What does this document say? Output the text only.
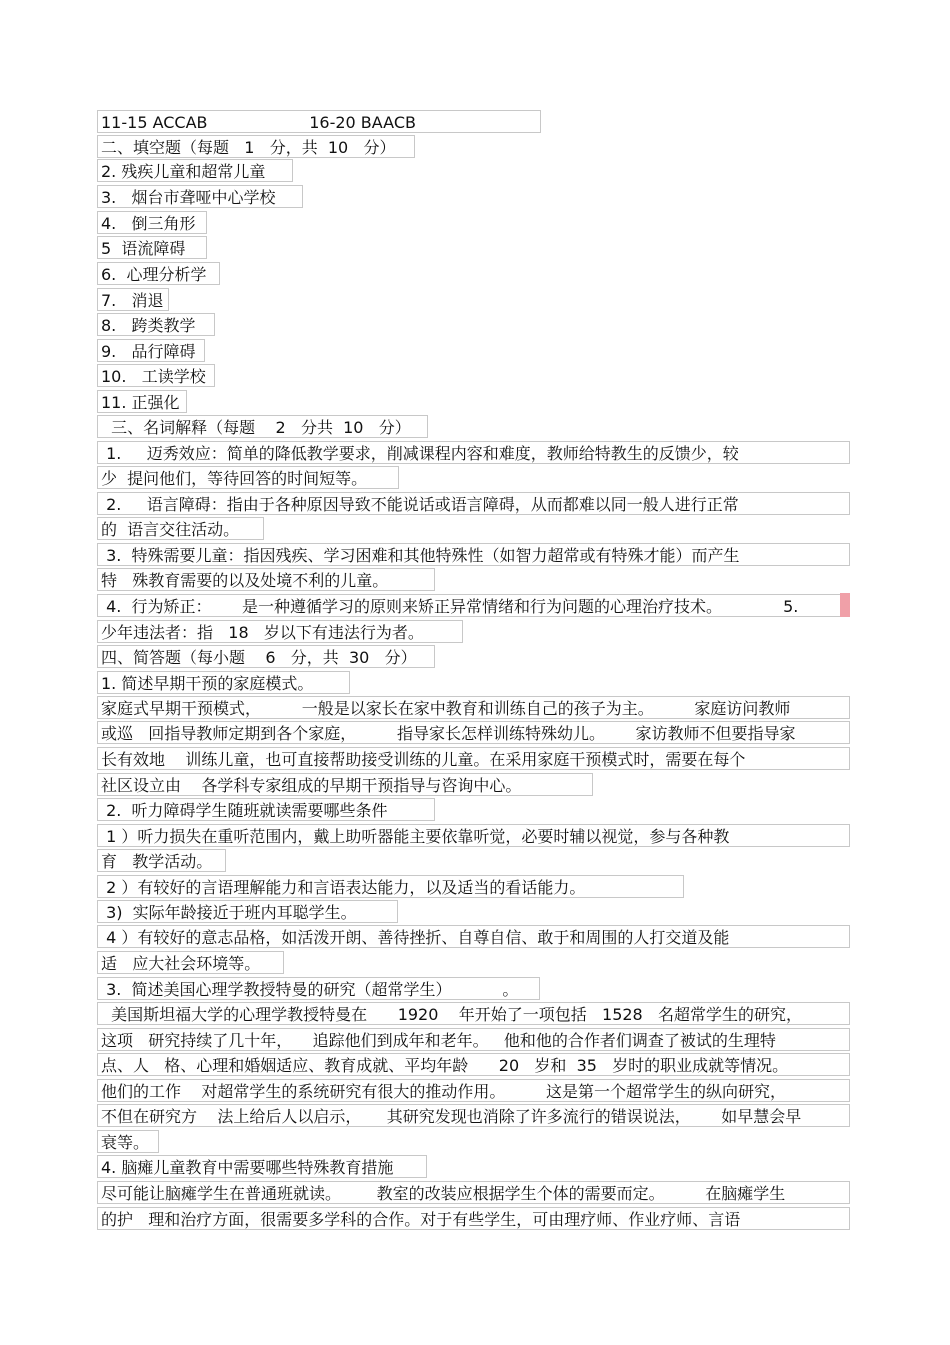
11-15 ACCAB                    16-20 BAACB
二、填空题（每题   1   分，共  10   分）
2. 残疾儿童和超常儿童
3.   烟台市聋哑中心学校
4.   倒三角形
5  语流障碍
6.  心理分析学
7.   消退
8.   跨类教学
9.   品行障碍
10.   工读学校
11. 正强化
三、名词解释（每题    2   分共  10   分）
1.     迈秀效应：简单的降低教学要求，削减课程内容和难度，教师给特教生的反馈少，较
少  提问他们，等待回答的时间短等。
2.     语言障碍：指由于各种原因导致不能说话或语言障碍，从而都难以同一般人进行正常
的  语言交往活动。
3.  特殊需要儿童：指因残疾、学习困难和其他特殊性（如智力超常或有特殊才能）而产生
特   殊教育需要的以及处境不利的儿童。
4.  行为矫正：      是一种遵循学习的原则来矫正异常情绪和行为问题的心理治疗技术。            5.
少年违法者：指   18   岁以下有违法行为者。
四、简答题（每小题    6   分，共  30   分）
1. 简述早期干预的家庭模式。
家庭式早期干预模式，        一般是以家长在家中教育和训练自己的孩子为主。        家庭访问教师
或巡   回指导教师定期到各个家庭，        指导家长怎样训练特殊幼儿。      家访教师不但要指导家
长有效地    训练儿童，也可直接帮助接受训练的儿童。在采用家庭干预模式时，需要在每个
社区设立由    各学科专家组成的早期干预指导与咨询中心。
2.  听力障碍学生随班就读需要哪些条件
1 ）听力损失在重听范围内，戴上助听器能主要依靠听觉，必要时辅以视觉，参与各种教
育   教学活动。
2 ）有较好的言语理解能力和言语表达能力，以及适当的看话能力。
3)  实际年龄接近于班内耳聪学生。
4 ）有较好的意志品格，如活泼开朗、善待挫折、自尊自信、敢于和周围的人打交道及能
适   应大社会环境等。
3.  简述美国心理学教授特曼的研究（超常学生）          。
美国斯坦福大学的心理学教授特曼在      1920    年开始了一项包括   1528   名超常学生的研究，
这项   研究持续了几十年，    追踪他们到成年和老年。   他和他的合作者们调查了被试的生理特
点、人   格、心理和婚姻适应、教育成就、平均年龄      20   岁和  35   岁时的职业成就等情况。
他们的工作    对超常学生的系统研究有很大的推动作用。        这是第一个超常学生的纵向研究，
不但在研究方    法上给后人以启示，     其研究发现也消除了许多流行的错误说法，      如早慧会早
衰等。
4. 脑瘫儿童教育中需要哪些特殊教育措施
尽可能让脑瘫学生在普通班就读。       教室的改装应根据学生个体的需要而定。        在脑瘫学生
的护   理和治疗方面，很需要多学科的合作。对于有些学生，可由理疗师、作业疗师、言语
